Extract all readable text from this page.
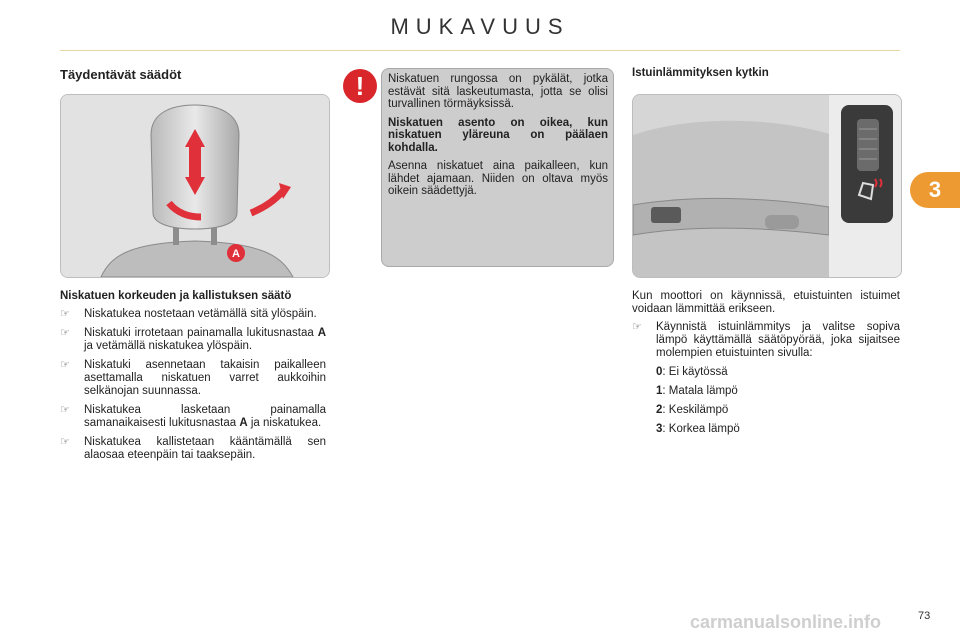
MUKAVUUS
Täydentävät säädöt
A
Niskatuen korkeuden ja kallistuksen säätö
☞ Niskatukea nostetaan vetämällä sitä ylöspäin.
☞ Niskatuki irrotetaan painamalla lukitusnastaa A ja vetämällä niskatukea ylöspäin.
☞ Niskatuki asennetaan takaisin paikalleen asettamalla niskatuen varret aukkoihin selkänojan suunnassa.
☞ Niskatukea lasketaan painamalla samanaikaisesti lukitusnastaa A ja niskatukea.
☞ Niskatukea kallistetaan kääntämällä sen alaosaa eteenpäin tai taaksepäin.
!	Niskatuen rungossa on pykälät, jotka estävät sitä laskeutumasta, jotta se olisi turvallinen törmäyksissä.

Niskatuen asento on oikea, kun niskatuen yläreuna on päälaen kohdalla.

Asenna niskatuet aina paikalleen, kun lähdet ajamaan. Niiden on oltava myös oikein säädettyjä.

Istuinlämmityksen kytkin
Kun moottori on käynnissä, etuistuinten istuimet voidaan lämmittää erikseen.
☞ Käynnistä istuinlämmitys ja valitse sopiva lämpö käyttämällä säätöpyörää, joka sijaitsee molempien etuistuinten sivulla:
0: Ei käytössä
1: Matala lämpö
2: Keskilämpö
3: Korkea lämpö
3
carmanualsonline.info	73
